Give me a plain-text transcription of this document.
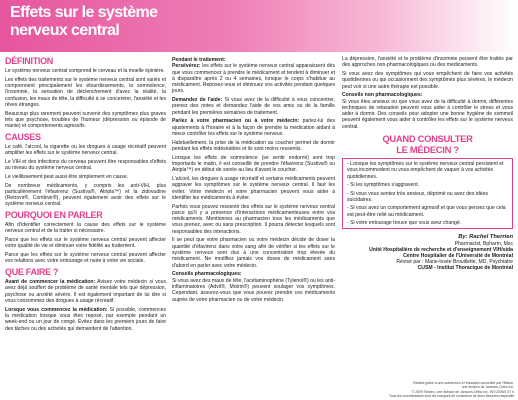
Effets sur le système
nerveux central
DÉFINITION

Le système nerveux central comprend le cerveau et la moelle épinière.

Les effets des traitements sur le système nerveux central sont variés et comprennent principalement les étourdissements, la somnolence, l'insomnie, la sensation de déclenchement d'avec la réalité, la confusion, les maux de tête, la difficulté à se concentrer, l'anxiété et les rêves étranges.

Beaucoup plus rarement peuvent survenir des symptômes plus graves tels que psychose, troubles de l'humeur (dépression ou épisode de manie) et comportements agressifs.

CAUSES

Le café, l'alcool, la cigarette ou les drogues à usage récréatif peuvent amplifier les effets sur le système nerveux central.

Le VIH et des infections du cerveau peuvent être responsables d'effets au niveau du système nerveux central.

Le vieillissement peut aussi être simplement en cause.

De nombreux médicaments, y compris les anti-VIH, plus particulièrement l'éfavirenz (Sustiva®, Atripla™) et la zidovudine (Retrovir®, Combivir®), peuvent également avoir des effets sur le système nerveux central.

POURQUOI EN PARLER

Afin d'identifier correctement la cause des effets sur le système nerveux central et de la traiter si nécessaire.

Parce que les effets sur le système nerveux central peuvent affecter votre qualité de vie et diminuer votre fidélité au traitement.

Parce que les effets sur le système nerveux central peuvent affecter vos relations avec votre entourage et nuire à votre vie sociale.

QUE FAIRE ?

Avant de commencer la médication: Avisez votre médecin si vous avez déjà souffert de problème de santé mentale tels que dépression, psychose ou anxiété sévère. Il est également important de lui dire si vous consommez des drogues à usage récréatif.

Lorsque vous commencez la médication: Si possible, commencez la médication lorsque vous êtes reposé, par exemple pendant un week-end ou un jour de congé. Évitez dans les premiers jours de faire des tâches ou des activités qui demandent de l'attention.

Pendant le traitement:

Persévérez: les effets sur le système nerveux central apparaissent dès que vous commencez à prendre le médicament et tendent à diminuer et à disparaître après 2 ou 4 semaines, lorsque le corps s'habitue au médicament. Reposez-vous et diminuez vos activités pendant quelques jours.

Demandez de l'aide: Si vous avez de la difficulté à vous concentrer, prenez des notes et demandez l'aide de vos amis ou de la famille pendant les premières semaines de traitement.

Parlez à votre pharmacien ou à votre médecin: parlez-lui des ajustements à l'horaire et à la façon de prendre la médication aidant à mieux contrôler les effets sur le système nerveux.

Habituellement, la prise de la médication au coucher permet de dormir pendant les effets indésirables et ils sont moins ressentis.

Lorsque les effets de somnolence (se sentir endormi) sont trop importants le matin, il est conseillé de prendre l'éfavirenz (Sustiva® ou Atripla™) en début de soirée au lieu d'avant le coucher.

L'alcool, les drogues à usage récréatif et certains médicaments peuvent aggraver les symptômes sur le système nerveux central. Il faut les éviter. Votre médecin et votre pharmacien peuvent vous aider à identifier les médicaments à éviter.

Parfois vous pouvez ressentir des effets sur le système nerveux central parce qu'il y a présence d'interactions médicamenteuses entre vos médicaments. Mentionnez au pharmacien tous les médicaments que vous prenez, avec ou sans prescription. Il pourra détecter lesquels sont responsables des interactions.

Il se peut que votre pharmacien ou votre médecin décide de doser la quantité d'éfavirenz dans votre sang afin de vérifier si les effets sur le système nerveux sont dus à une concentration trop élevée du médicament. Ne modifiez jamais vos doses de médicament sans d'abord en parler avec votre médecin.

Conseils pharmacologiques:

Si vous avez des maux de tête, l'acétaminophène (Tylenol®) ou les anti-inflammatoires (Advil®, Motrin®) peuvent soulager vos symptômes. Cependant, assurez-vous que vous pouvez prendre ces médicaments auprès de votre pharmacien ou de votre médecin.

La dépression, l'anxiété et le problème d'insomnie peuvent être traités par des approches non-pharmacologiques ou des médicaments.

Si vous avez des symptômes qui vous empêchent de faire vos activités quotidiennes ou qui occasionnent des symptômes plus sévères, le médecin peut voir si une autre thérapie est possible.

Conseils non pharmacologiques:

Si vous êtes anxieux ou que vous avez de la difficulté à dormir, différentes techniques de relaxation peuvent vous aider à contrôler le stress et vous aider à dormir. Des conseils pour adopter une bonne hygiène de sommeil peuvent également vous aider à contrôler les effets sur le système nerveux central.

QUAND CONSULTER
LE MÉDECIN ?

- Lorsque les symptômes sur le système nerveux central persistent et vous incommodent ou vous empêchent de vaquer à vos activités quotidiennes.

- Si les symptômes s'aggravent.

- Si vous vous sentez très anxieux, déprimé ou avez des idées suicidaires.

- Si vous avez un comportement agressif et que vous pensez que cela est peut-être relié au médicament.

- Si votre entourage trouve que vous avez changé.

By: Rachel Therrien
Pharmacist, Bpharm, Msc
Unité Hospitalière de recherche et d'enseignement VIH/sida
Centre Hospitalier de l'Université de Montréal
Révisé par : Marie-losée Brouillette, MD, Psychiatre
CUSM - Institut Thoracique de Montréal
Réalisé grâce à une subvention à l'éducation accordée par l'Bistoe,
une division de Janssen-Ortho Inc.
© 2009 Tibotec, une division de Janssen-Ortho Inc. INT/2009/1 07 n
Tous les commentaires sont les marques de commerce de leurs titulaires respectifs
